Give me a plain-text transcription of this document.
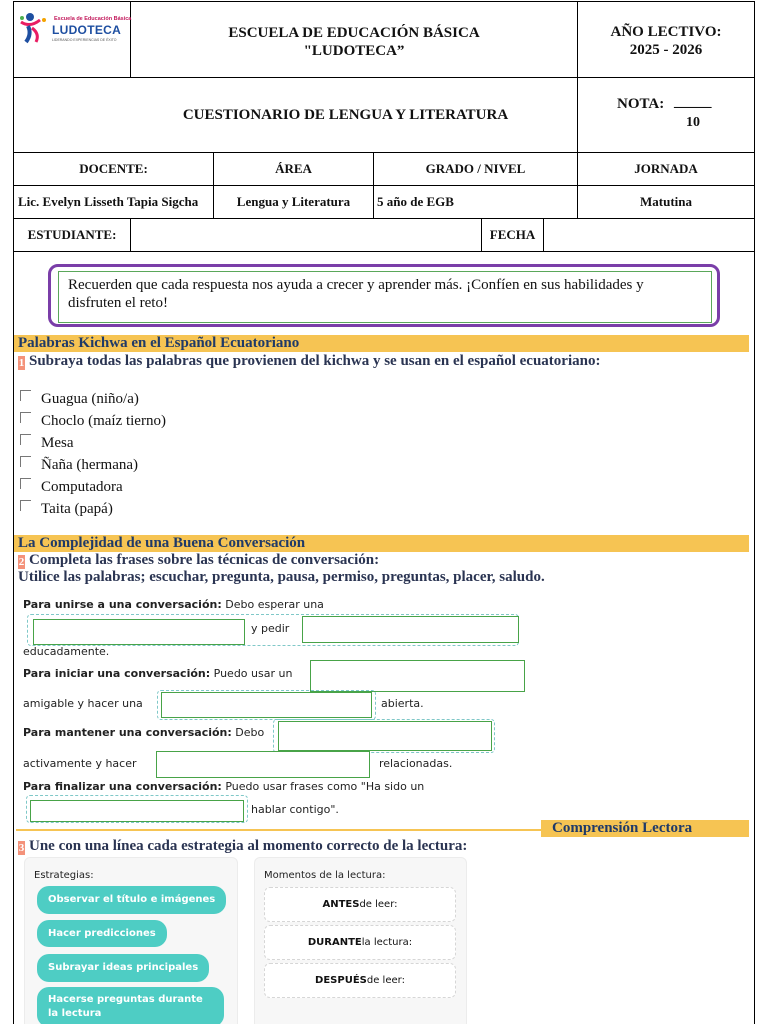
Escuela de Educación Básica
LUDOTECA
LIDERANDO EXPERIENCIAS DE ÉXITO	ESCUELA DE EDUCACIÓN BÁSICA
"LUDOTECA”
AÑO LECTIVO:
2025 - 2026
CUESTIONARIO DE LENGUA Y LITERATURA
NOTA: _____
10
DOCENTE:	ÁREA	GRADO / NIVEL	JORNADA
Lic. Evelyn Lisseth Tapia Sigcha	Lengua y Literatura	5 año de EGB	Matutina
ESTUDIANTE:	FECHA
Recuerden que cada respuesta nos ayuda a crecer y aprender más. ¡Confíen en sus habilidades y
disfruten el reto! 󰀀󰀀
Palabras Kichwa en el Español Ecuatoriano
1 Subraya todas las palabras que provienen del kichwa y se usan en el español ecuatoriano:
Guagua (niño/a)
Choclo (maíz tierno)
Mesa
Ñaña (hermana)
Computadora
Taita (papá)
La Complejidad de una Buena Conversación
2 Completa las frases sobre las técnicas de conversación:
Utilice las palabras; escuchar, pregunta, pausa, permiso, preguntas, placer, saludo.
Para unirse a una conversación: Debo esperar una
y pedir
educadamente.
Para iniciar una conversación: Puedo usar un
amigable y hacer una	abierta.
Para mantener una conversación: Debo
activamente y hacer	relacionadas.
Para finalizar una conversación: Puedo usar frases como "Ha sido un
hablar contigo".
Comprensión Lectora
3 Une con una línea cada estrategia al momento correcto de la lectura:
Estrategias:
Observar el título e imágenes
Hacer predicciones
Subrayar ideas principales
Hacerse preguntas durante la lectura
Momentos de la lectura:
ANTES de leer:
DURANTE la lectura:
DESPUÉS de leer:
